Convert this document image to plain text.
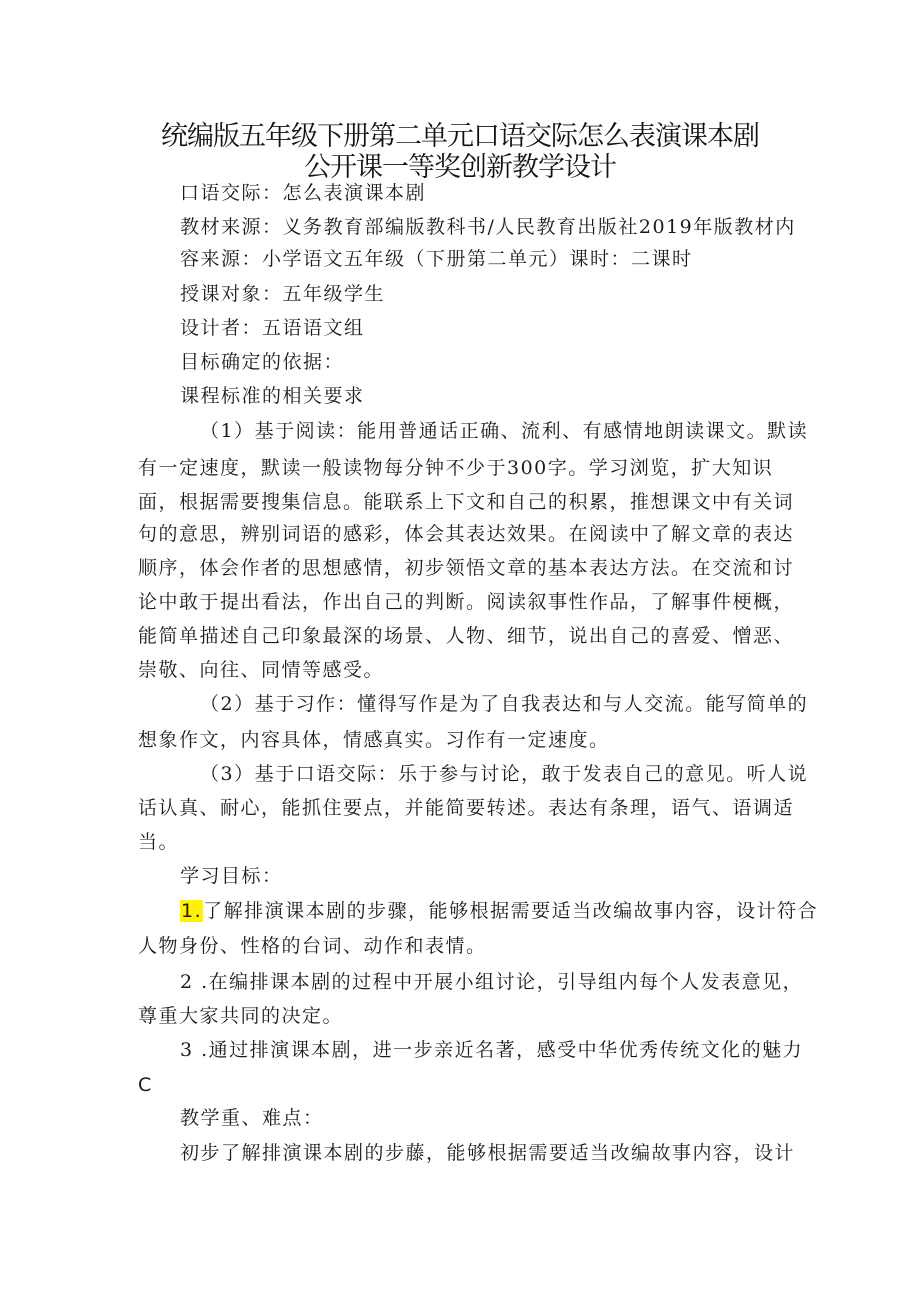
统编版五年级下册第二单元口语交际怎么表演课本剧
公开课一等奖创新教学设计
口语交际：怎么表演课本剧
教材来源：义务教育部编版教科书/人民教育出版社2019年版教材内
容来源：小学语文五年级（下册第二单元）课时：二课时
授课对象：五年级学生
设计者：五语语文组
目标确定的依据：
课程标准的相关要求
（1）基于阅读：能用普通话正确、流利、有感情地朗读课文。默读
有一定速度，默读一般读物每分钟不少于300字。学习浏览，扩大知识
面，根据需要搜集信息。能联系上下文和自己的积累，推想课文中有关词
句的意思，辨别词语的感彩，体会其表达效果。在阅读中了解文章的表达
顺序，体会作者的思想感情，初步领悟文章的基本表达方法。在交流和讨
论中敢于提出看法，作出自己的判断。阅读叙事性作品，了解事件梗概，
能简单描述自己印象最深的场景、人物、细节，说出自己的喜爱、憎恶、
崇敬、向往、同情等感受。
（2）基于习作：懂得写作是为了自我表达和与人交流。能写简单的
想象作文，内容具体，情感真实。习作有一定速度。
（3）基于口语交际：乐于参与讨论，敢于发表自己的意见。听人说
话认真、耐心，能抓住要点，并能简要转述。表达有条理，语气、语调适
当。
学习目标：
1.了解排演课本剧的步骤，能够根据需要适当改编故事内容，设计符合
人物身份、性格的台词、动作和表情。
2 .在编排课本剧的过程中开展小组讨论，引导组内每个人发表意见，
尊重大家共同的决定。
3 .通过排演课本剧，进一步亲近名著，感受中华优秀传统文化的魅力
C
教学重、难点：
初步了解排演课本剧的步藤，能够根据需要适当改编故事内容，设计
